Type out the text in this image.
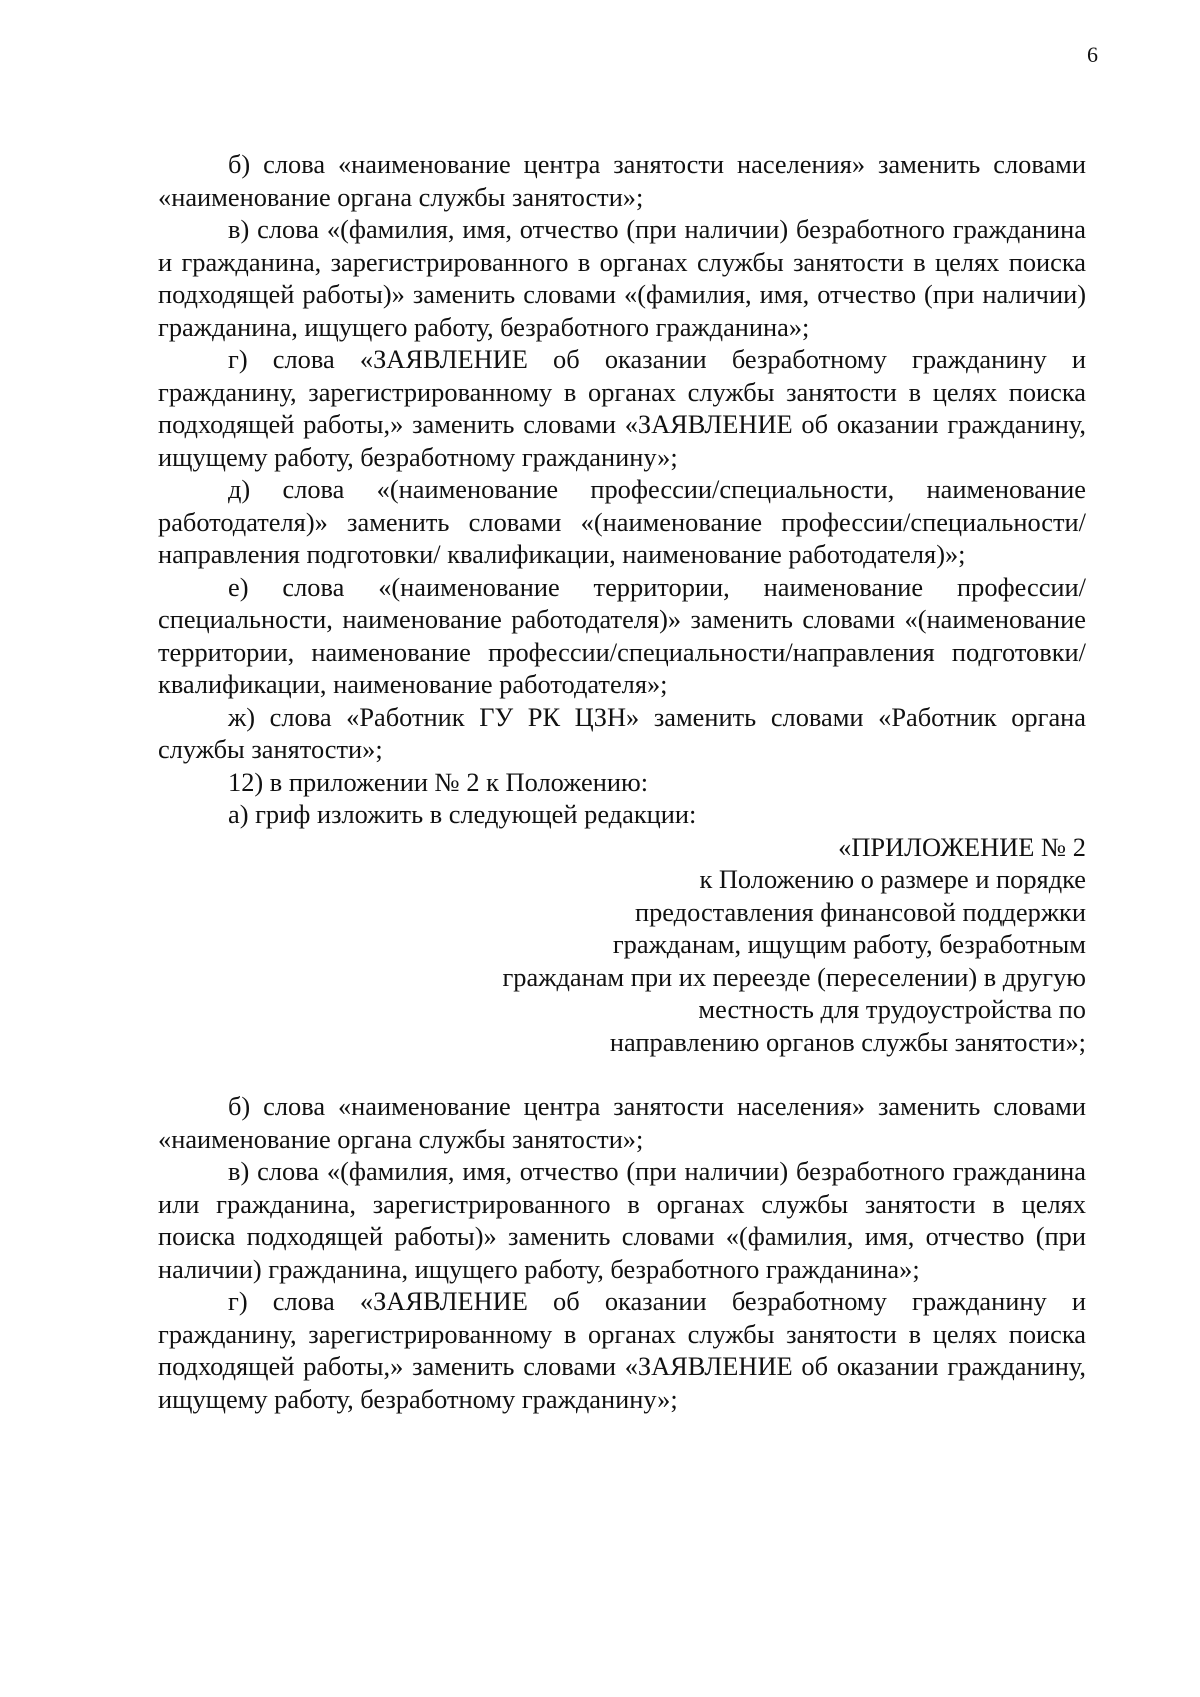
6

б) слова «наименование центра занятости населения» заменить словами «наименование органа службы занятости»;

в) слова «(фамилия, имя, отчество (при наличии) безработного гражданина и гражданина, зарегистрированного в органах службы занятости в целях поиска подходящей работы)» заменить словами «(фамилия, имя, отчество (при наличии) гражданина, ищущего работу, безработного гражданина»;

г) слова «ЗАЯВЛЕНИЕ об оказании безработному гражданину и гражданину, зарегистрированному в органах службы занятости в целях поиска подходящей работы,» заменить словами «ЗАЯВЛЕНИЕ об оказании гражданину, ищущему работу, безработному гражданину»;

д) слова «(наименование профессии/специальности, наименование работодателя)» заменить словами «(наименование профессии/специальности/ направления подготовки/ квалификации, наименование работодателя)»;

е) слова «(наименование территории, наименование профессии/специальности, наименование работодателя)» заменить словами «(наименование территории, наименование профессии/специальности/направления подготовки/квалификации, наименование работодателя»;

ж) слова «Работник ГУ РК ЦЗН» заменить словами «Работник органа службы занятости»;

12) в приложении № 2 к Положению:

а) гриф изложить в следующей редакции:

«ПРИЛОЖЕНИЕ № 2

к Положению о размере и порядке

предоставления финансовой поддержки

гражданам, ищущим работу, безработным

гражданам при их переезде (переселении) в другую

местность для трудоустройства по

направлению органов службы занятости»;

б) слова «наименование центра занятости населения» заменить словами «наименование органа службы занятости»;

в) слова «(фамилия, имя, отчество (при наличии) безработного гражданина или гражданина, зарегистрированного в органах службы занятости в целях поиска подходящей работы)» заменить словами «(фамилия, имя, отчество (при наличии) гражданина, ищущего работу, безработного гражданина»;

г) слова «ЗАЯВЛЕНИЕ об оказании безработному гражданину и гражданину, зарегистрированному в органах службы занятости в целях поиска подходящей работы,» заменить словами «ЗАЯВЛЕНИЕ об оказании гражданину, ищущему работу, безработному гражданину»;
